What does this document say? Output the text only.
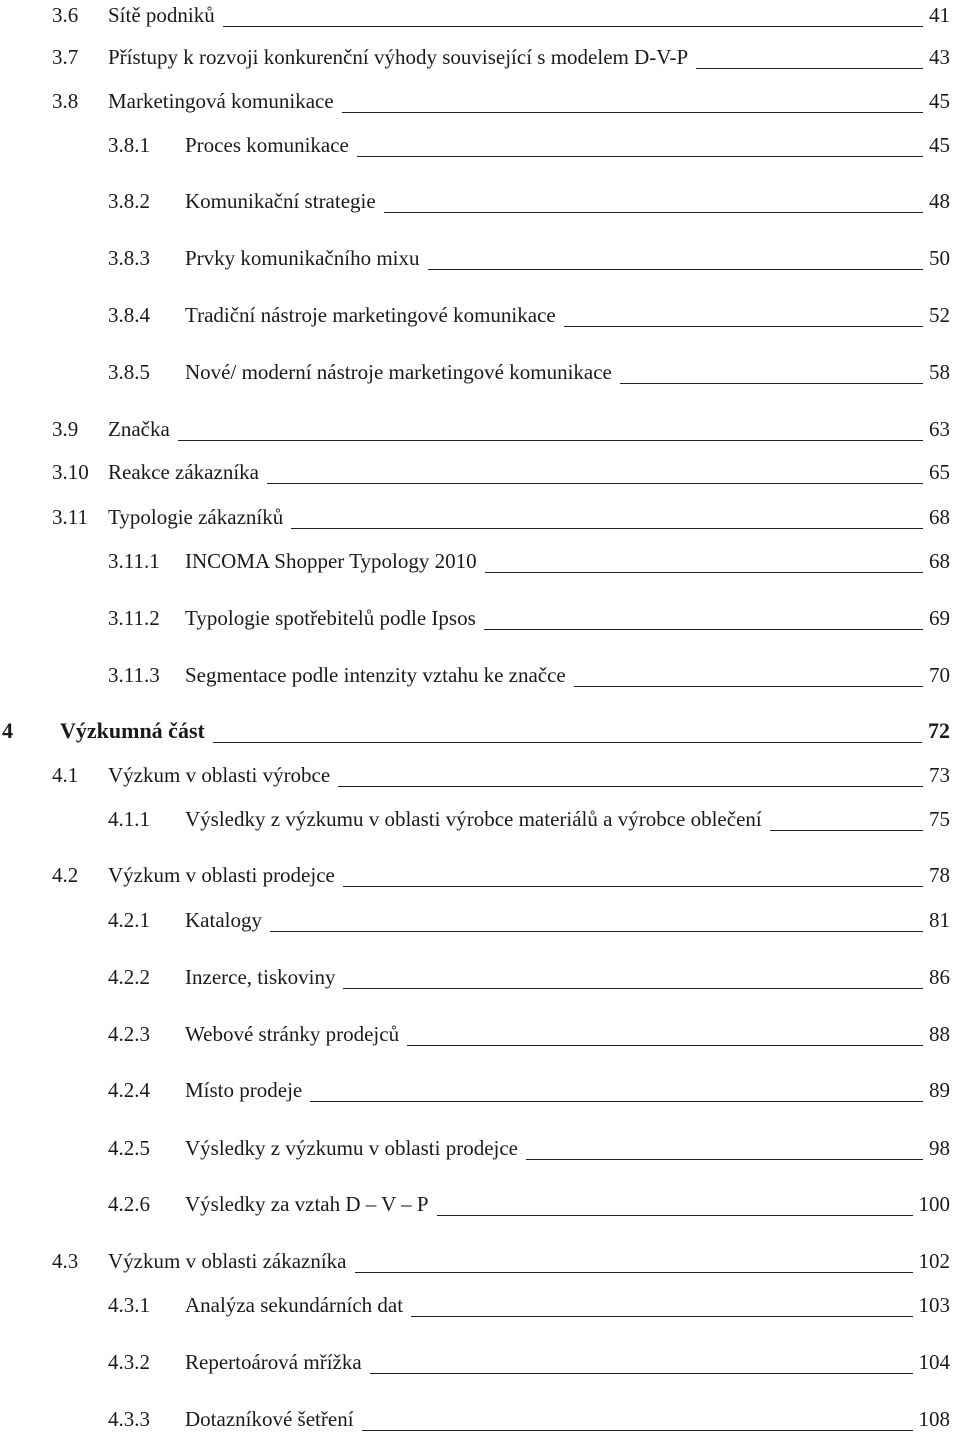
3.6 Sítě podniků	41
3.7 Přístupy k rozvoji konkurenční výhody související s modelem D-V-P	43
3.8 Marketingová komunikace	45
3.8.1 Proces komunikace	45
3.8.2 Komunikační strategie	48
3.8.3 Prvky komunikačního mixu	50
3.8.4 Tradiční nástroje marketingové komunikace	52
3.8.5 Nové/ moderní nástroje marketingové komunikace	58
3.9 Značka	63
3.10 Reakce zákazníka	65
3.11 Typologie zákazníků	68
3.11.1 INCOMA Shopper Typology 2010	68
3.11.2 Typologie spotřebitelů podle Ipsos	69
3.11.3 Segmentace podle intenzity vztahu ke značce	70
4 Výzkumná část	72
4.1 Výzkum v oblasti výrobce	73
4.1.1 Výsledky z výzkumu v oblasti výrobce materiálů a výrobce oblečení	75
4.2 Výzkum v oblasti prodejce	78
4.2.1 Katalogy	81
4.2.2 Inzerce, tiskoviny	86
4.2.3 Webové stránky prodejců	88
4.2.4 Místo prodeje	89
4.2.5 Výsledky z výzkumu v oblasti prodejce	98
4.2.6 Výsledky za vztah D – V – P	100
4.3 Výzkum v oblasti zákazníka	102
4.3.1 Analýza sekundárních dat	103
4.3.2 Repertoárová mřížka	104
4.3.3 Dotazníkové šetření	108
